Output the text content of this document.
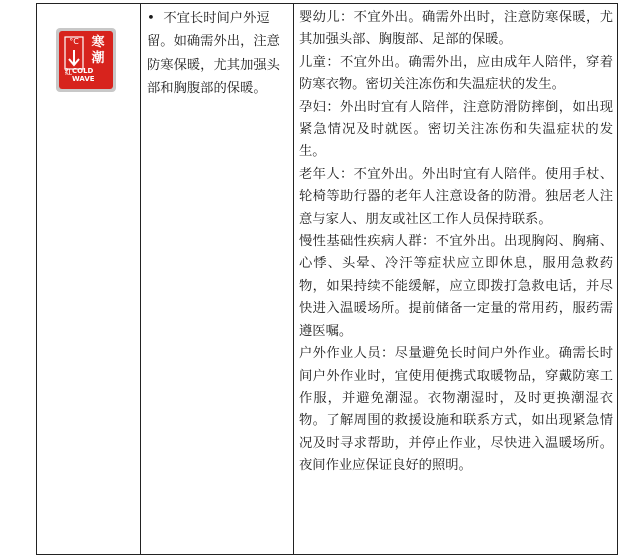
°C 寒
潮
红 COLD WAVE
• 不宜长时间户外逗留。如确需外出，注意防寒保暖，尤其加强头部和胸腹部的保暖。

婴幼儿：不宜外出。确需外出时，注意防寒保暖，尤其加强头部、胸腹部、足部的保暖。

儿童：不宜外出。确需外出，应由成年人陪伴，穿着防寒衣物。密切关注冻伤和失温症状的发生。

孕妇：外出时宜有人陪伴，注意防滑防摔倒，如出现紧急情况及时就医。密切关注冻伤和失温症状的发生。

老年人：不宜外出。外出时宜有人陪伴。使用手杖、轮椅等助行器的老年人注意设备的防滑。独居老人注意与家人、朋友或社区工作人员保持联系。

慢性基础性疾病人群：不宜外出。出现胸闷、胸痛、心悸、头晕、冷汗等症状应立即休息，服用急救药物，如果持续不能缓解，应立即拨打急救电话，并尽快进入温暖场所。提前储备一定量的常用药，服药需遵医嘱。

户外作业人员：尽量避免长时间户外作业。确需长时间户外作业时，宜使用便携式取暖物品，穿戴防寒工作服，并避免潮湿。衣物潮湿时，及时更换潮湿衣物。了解周围的救援设施和联系方式，如出现紧急情况及时寻求帮助，并停止作业，尽快进入温暖场所。夜间作业应保证良好的照明。
